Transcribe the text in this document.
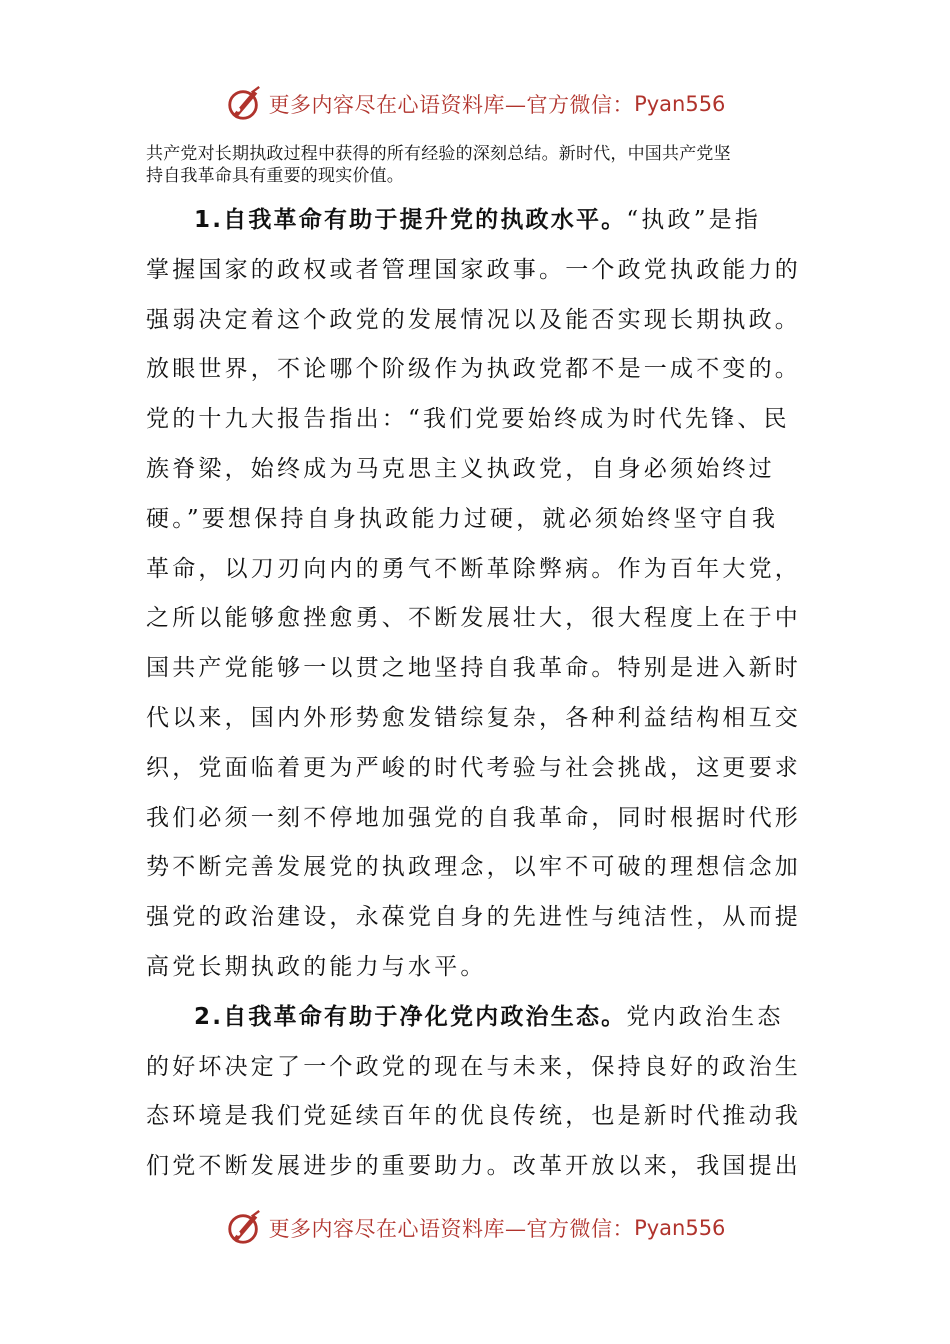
更多内容尽在心语资料库—官方微信： Pyan556

共产党对长期执政过程中获得的所有经验的深刻总结。新时代，中国共产党坚

持自我革命具有重要的现实价值。

1.自我革命有助于提升党的执政水平。“执政”是指
掌握国家的政权或者管理国家政事。一个政党执政能力的
强弱决定着这个政党的发展情况以及能否实现长期执政。
放眼世界，不论哪个阶级作为执政党都不是一成不变的。
党的十九大报告指出：“我们党要始终成为时代先锋、民
族脊梁，始终成为马克思主义执政党，自身必须始终过
硬。”要想保持自身执政能力过硬，就必须始终坚守自我
革命，以刀刃向内的勇气不断革除弊病。作为百年大党，
之所以能够愈挫愈勇、不断发展壮大，很大程度上在于中
国共产党能够一以贯之地坚持自我革命。特别是进入新时
代以来，国内外形势愈发错综复杂，各种利益结构相互交
织，党面临着更为严峻的时代考验与社会挑战，这更要求
我们必须一刻不停地加强党的自我革命，同时根据时代形
势不断完善发展党的执政理念，以牢不可破的理想信念加
强党的政治建设，永葆党自身的先进性与纯洁性，从而提
高党长期执政的能力与水平。
2.自我革命有助于净化党内政治生态。党内政治生态
的好坏决定了一个政党的现在与未来，保持良好的政治生
态环境是我们党延续百年的优良传统，也是新时代推动我
们党不断发展进步的重要助力。改革开放以来，我国提出
更多内容尽在心语资料库—官方微信： Pyan556
